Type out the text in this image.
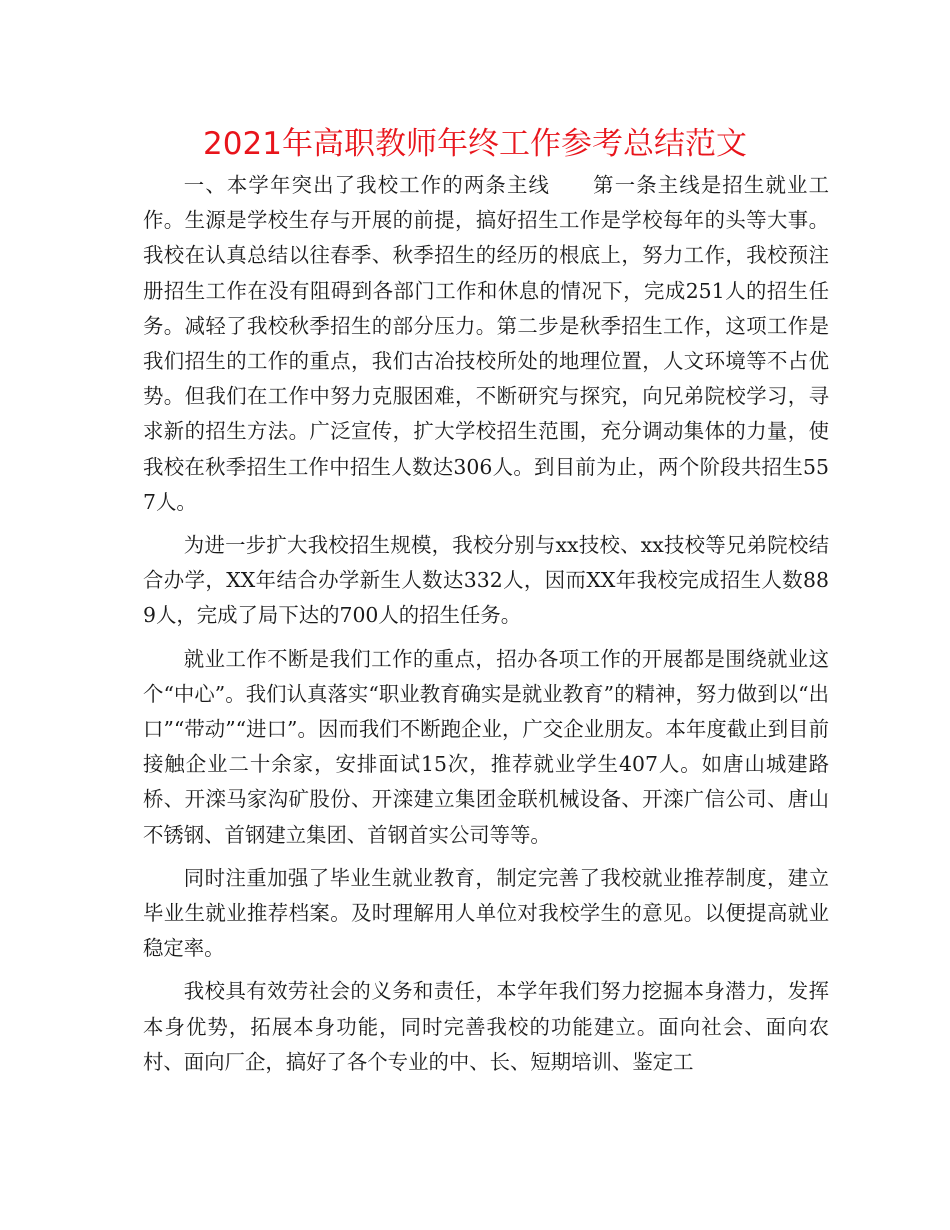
2021年高职教师年终工作参考总结范文

一、本学年突出了我校工作的两条主线　　第一条主线是招生就业工作。生源是学校生存与开展的前提，搞好招生工作是学校每年的头等大事。我校在认真总结以往春季、秋季招生的经历的根底上，努力工作，我校预注册招生工作在没有阻碍到各部门工作和休息的情况下，完成251人的招生任务。减轻了我校秋季招生的部分压力。第二步是秋季招生工作，这项工作是我们招生的工作的重点，我们古冶技校所处的地理位置，人文环境等不占优势。但我们在工作中努力克服困难，不断研究与探究，向兄弟院校学习，寻求新的招生方法。广泛宣传，扩大学校招生范围，充分调动集体的力量，使我校在秋季招生工作中招生人数达306人。到目前为止，两个阶段共招生557人。

为进一步扩大我校招生规模，我校分别与xx技校、xx技校等兄弟院校结合办学，XX年结合办学新生人数达332人，因而XX年我校完成招生人数889人，完成了局下达的700人的招生任务。

就业工作不断是我们工作的重点，招办各项工作的开展都是围绕就业这个“中心”。我们认真落实“职业教育确实是就业教育”的精神，努力做到以“出口”“带动”“进口”。因而我们不断跑企业，广交企业朋友。本年度截止到目前接触企业二十余家，安排面试15次，推荐就业学生407人。如唐山城建路桥、开滦马家沟矿股份、开滦建立集团金联机械设备、开滦广信公司、唐山不锈钢、首钢建立集团、首钢首实公司等等。

同时注重加强了毕业生就业教育，制定完善了我校就业推荐制度，建立毕业生就业推荐档案。及时理解用人单位对我校学生的意见。以便提高就业稳定率。

我校具有效劳社会的义务和责任，本学年我们努力挖掘本身潜力，发挥本身优势，拓展本身功能，同时完善我校的功能建立。面向社会、面向农村、面向厂企，搞好了各个专业的中、长、短期培训、鉴定工
